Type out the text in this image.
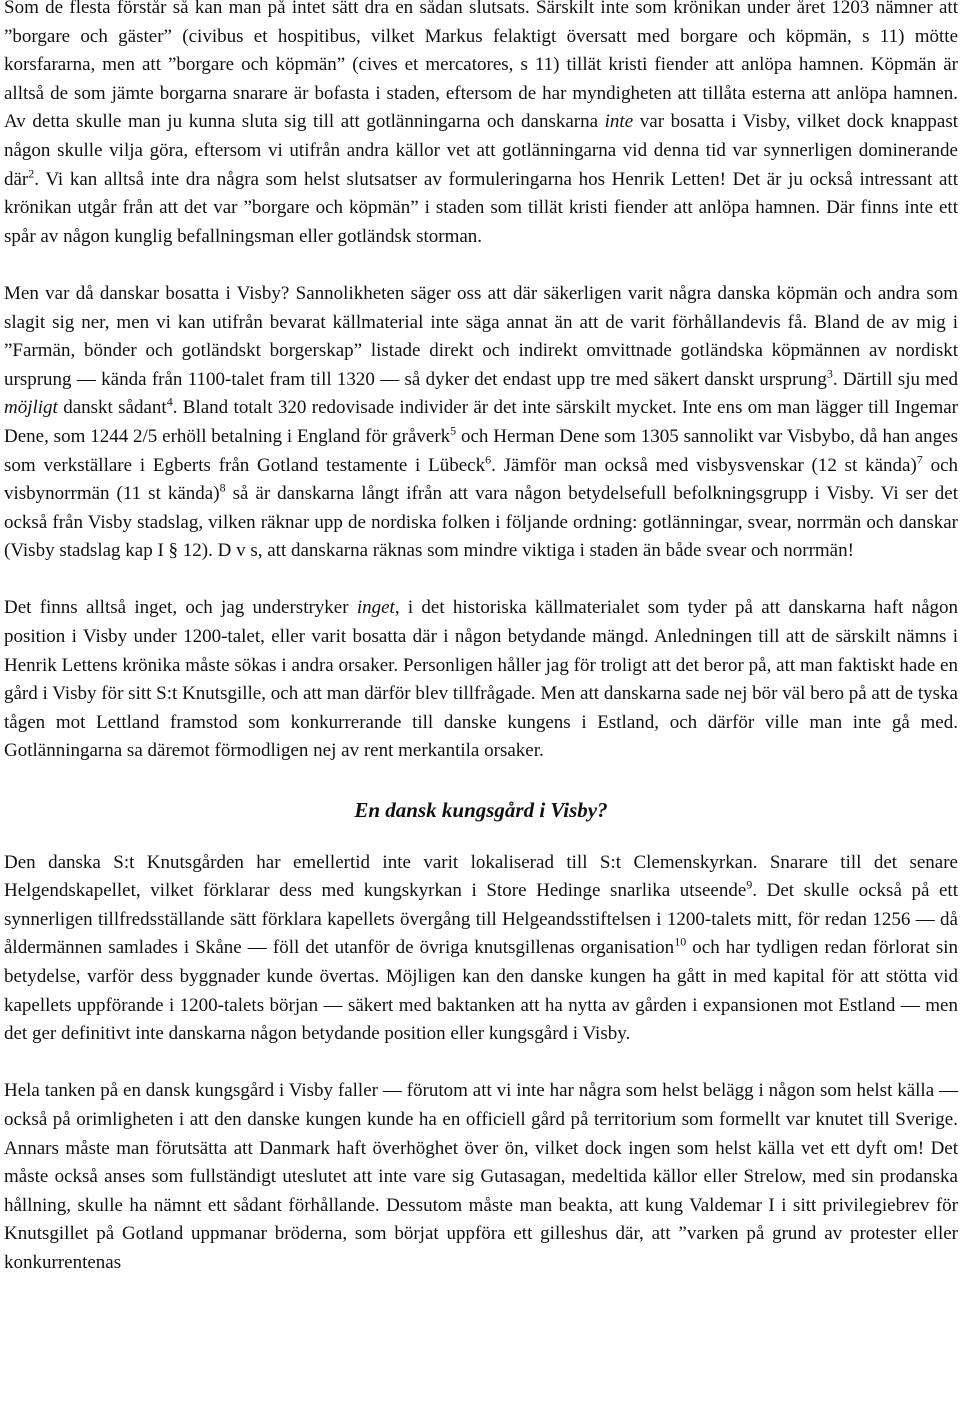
Som de flesta förstår så kan man på intet sätt dra en sådan slutsats. Särskilt inte som krönikan under året 1203 nämner att ”borgare och gäster” (civibus et hospitibus, vilket Markus felaktigt översatt med borgare och köpmän, s 11) mötte korsfararna, men att ”borgare och köpmän” (cives et mercatores, s 11) tillät kristi fiender att anlöpa hamnen. Köpmän är alltså de som jämte borgarna snarare är bofasta i staden, eftersom de har myndigheten att tillåta esterna att anlöpa hamnen. Av detta skulle man ju kunna sluta sig till att gotlänningarna och danskarna inte var bosatta i Visby, vilket dock knappast någon skulle vilja göra, eftersom vi utifrån andra källor vet att gotlänningarna vid denna tid var synnerligen dominerande där$^2$. Vi kan alltså inte dra några som helst slutsatser av formuleringarna hos Henrik Letten! Det är ju också intressant att krönikan utgår från att det var ”borgare och köpmän” i staden som tillät kristi fiender att anlöpa hamnen. Där finns inte ett spår av någon kunglig befallningsman eller gotländsk storman.

Men var då danskar bosatta i Visby? Sannolikheten säger oss att där säkerligen varit några danska köpmän och andra som slagit sig ner, men vi kan utifrån bevarat källmaterial inte säga annat än att de varit förhållandevis få. Bland de av mig i ”Farmän, bönder och gotländskt borgerskap” listade direkt och indirekt omvittnade gotländska köpmännen av nordiskt ursprung — kända från 1100-talet fram till 1320 — så dyker det endast upp tre med säkert danskt ursprung$^3$. Därtill sju med möjligt danskt sådant$^4$. Bland totalt 320 redovisade individer är det inte särskilt mycket. Inte ens om man lägger till Ingemar Dene, som 1244 2/5 erhöll betalning i England för gråverk$^5$ och Herman Dene som 1305 sannolikt var Visbybo, då han anges som verkställare i Egberts från Gotland testamente i Lübeck$^6$. Jämför man också med visbysvenskar (12 st kända)$^7$ och visbynorrmän (11 st kända)$^8$ så är danskarna långt ifrån att vara någon betydelsefull befolkningsgrupp i Visby. Vi ser det också från Visby stadslag, vilken räknar upp de nordiska folken i följande ordning: gotlänningar, svear, norrmän och danskar (Visby stadslag kap I § 12). D v s, att danskarna räknas som mindre viktiga i staden än både svear och norrmän!

Det finns alltså inget, och jag understryker inget, i det historiska källmaterialet som tyder på att danskarna haft någon position i Visby under 1200-talet, eller varit bosatta där i någon betydande mängd. Anledningen till att de särskilt nämns i Henrik Lettens krönika måste sökas i andra orsaker. Personligen håller jag för troligt att det beror på, att man faktiskt hade en gård i Visby för sitt S:t Knutsgille, och att man därför blev tillfrågade. Men att danskarna sade nej bör väl bero på att de tyska tågen mot Lettland framstod som konkurrerande till danske kungens i Estland, och därför ville man inte gå med. Gotlänningarna sa däremot förmodligen nej av rent merkantila orsaker.

En dansk kungsgård i Visby?

Den danska S:t Knutsgården har emellertid inte varit lokaliserad till S:t Clemenskyrkan. Snarare till det senare Helgendskapellet, vilket förklarar dess med kungskyrkan i Store Hedinge snarlika utseende$^9$. Det skulle också på ett synnerligen tillfredsställande sätt förklara kapellets övergång till Helgeandsstiftelsen i 1200-talets mitt, för redan 1256 — då åldermännen samlades i Skåne — föll det utanför de övriga knutsgillenas organisation$^{10}$ och har tydligen redan förlorat sin betydelse, varför dess byggnader kunde övertas. Möjligen kan den danske kungen ha gått in med kapital för att stötta vid kapellets uppförande i 1200-talets början — säkert med baktanken att ha nytta av gården i expansionen mot Estland — men det ger definitivt inte danskarna någon betydande position eller kungsgård i Visby.

Hela tanken på en dansk kungsgård i Visby faller — förutom att vi inte har några som helst belägg i någon som helst källa — också på orimligheten i att den danske kungen kunde ha en officiell gård på territorium som formellt var knutet till Sverige. Annars måste man förutsätta att Danmark haft överhöghet över ön, vilket dock ingen som helst källa vet ett dyft om! Det måste också anses som fullständigt uteslutet att inte vare sig Gutasagan, medeltida källor eller Strelow, med sin prodanska hållning, skulle ha nämnt ett sådant förhållande. Dessutom måste man beakta, att kung Valdemar I i sitt privilegiebrev för Knutsgillet på Gotland uppmanar bröderna, som börjat uppföra ett gilleshus där, att ”varken på grund av protester eller konkurrentenas
